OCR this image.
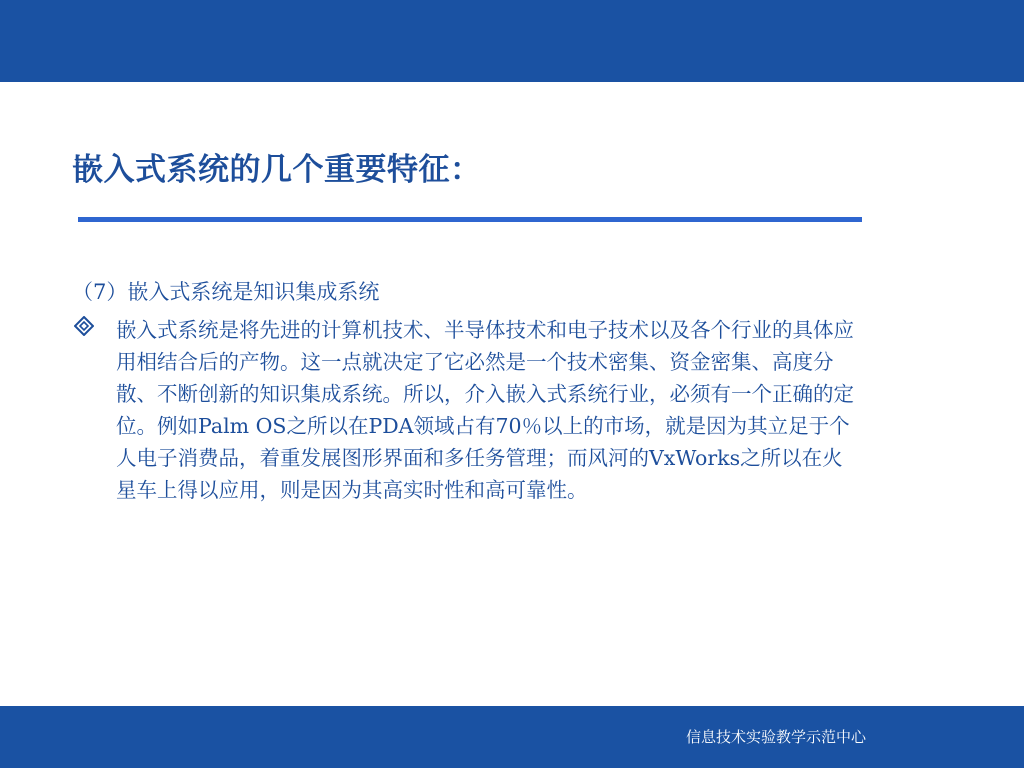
嵌入式系统的几个重要特征：
（7）嵌入式系统是知识集成系统

嵌入式系统是将先进的计算机技术、半导体技术和电子技术以及各个行业的具体应用相结合后的产物。这一点就决定了它必然是一个技术密集、资金密集、高度分散、不断创新的知识集成系统。所以，介入嵌入式系统行业，必须有一个正确的定位。例如Palm OS之所以在PDA领域占有70％以上的市场，就是因为其立足于个人电子消费品，着重发展图形界面和多任务管理；而风河的VxWorks之所以在火星车上得以应用，则是因为其高实时性和高可靠性。

信息技术实验教学示范中心
